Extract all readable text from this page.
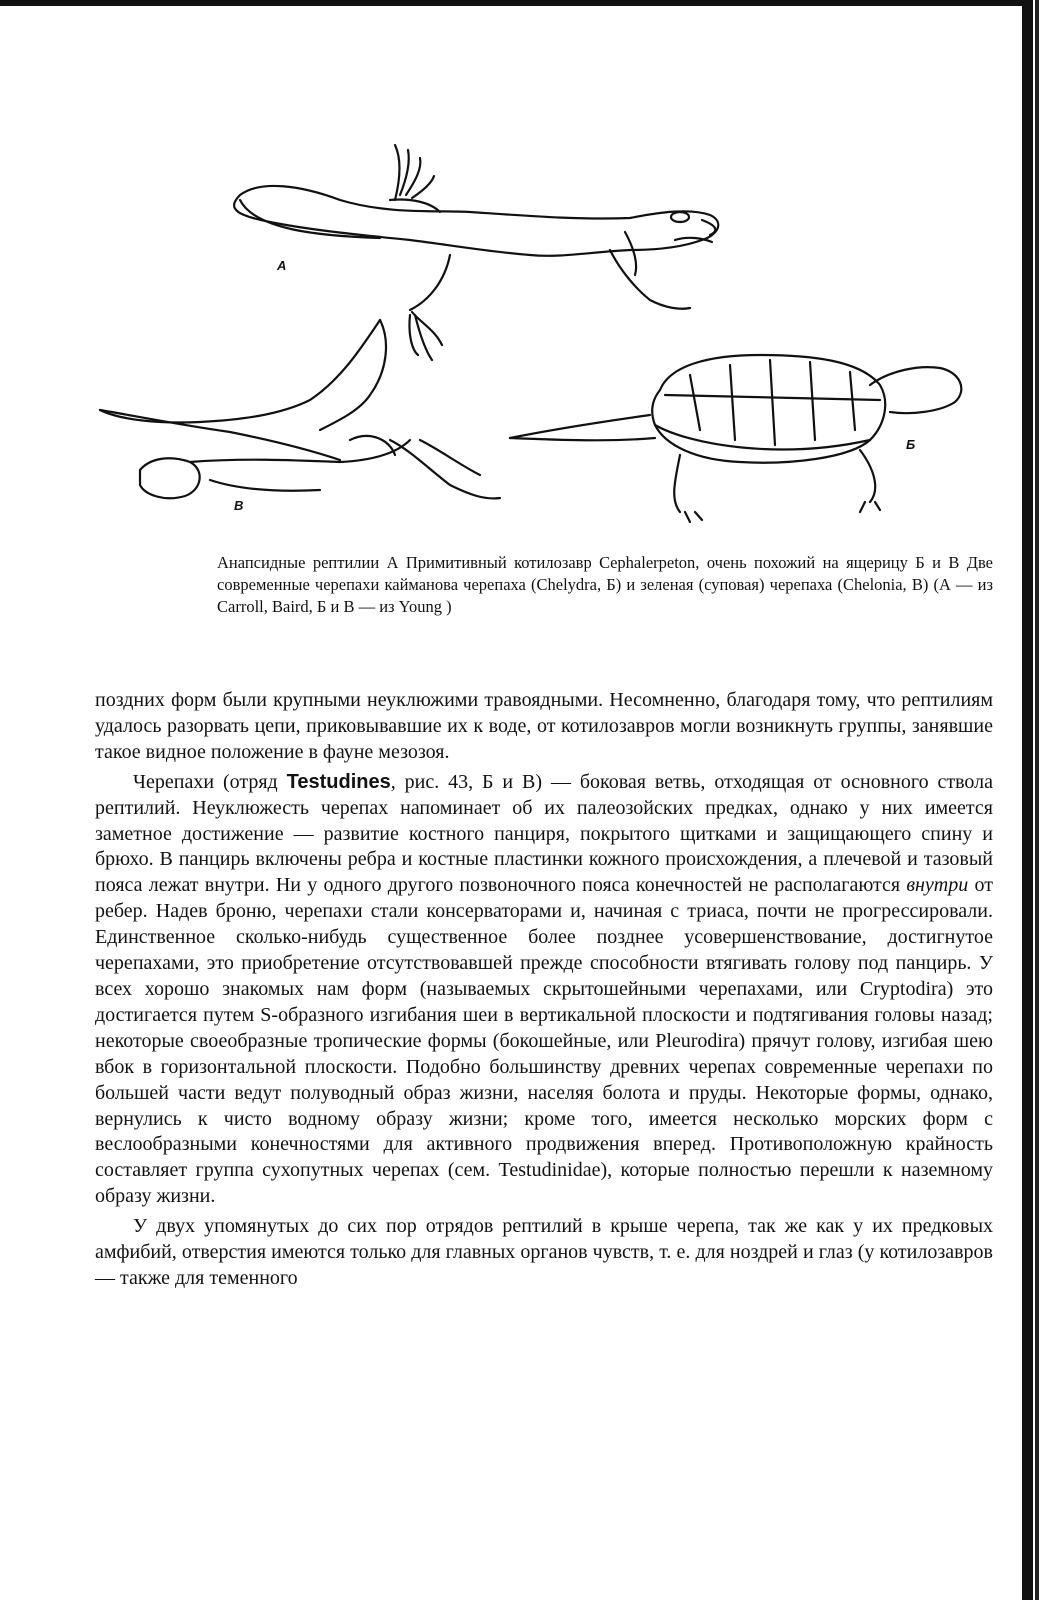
А
Б
В

Анапсидные рептилии А Примитивный котилозавр Cephalerpeton, очень похожий на ящерицу Б и В Две современные черепахи кайманова черепаха (Chelydra, Б) и зеленая (суповая) черепаха (Chelonia, В) (А — из Carroll, Baird, Б и В — из Young )

поздних форм были крупными неуклюжими травоядными. Несомненно, благодаря тому, что рептилиям удалось разорвать цепи, приковывавшие их к воде, от котилозавров могли возникнуть группы, занявшие такое видное положение в фауне мезозоя.

Черепахи (отряд Testudines, рис. 43, Б и В) — боковая ветвь, отходящая от основного ствола рептилий. Неуклюжесть черепах напоминает об их палеозойских предках, однако у них имеется заметное достижение — развитие костного панциря, покрытого щитками и защищающего спину и брюхо. В панцирь включены ребра и костные пластинки кожного происхождения, а плечевой и тазовый пояса лежат внутри. Ни у одного другого позвоночного пояса конечностей не располагаются внутри от ребер. Надев броню, черепахи стали консерваторами и, начиная с триаса, почти не прогрессировали. Единственное сколько-нибудь существенное более позднее усовершенствование, достигнутое черепахами, это приобретение отсутствовавшей прежде способности втягивать голову под панцирь. У всех хорошо знакомых нам форм (называемых скрытошейными черепахами, или Cryptodira) это достигается путем S-образного изгибания шеи в вертикальной плоскости и подтягивания головы назад; некоторые своеобразные тропические формы (бокошейные, или Pleurodira) прячут голову, изгибая шею вбок в горизонтальной плоскости. Подобно большинству древних черепах современные черепахи по большей части ведут полуводный образ жизни, населяя болота и пруды. Некоторые формы, однако, вернулись к чисто водному образу жизни; кроме того, имеется несколько морских форм с веслообразными конечностями для активного продвижения вперед. Противоположную крайность составляет группа сухопутных черепах (сем. Testudinidae), которые полностью перешли к наземному образу жизни.

У двух упомянутых до сих пор отрядов рептилий в крыше черепа, так же как у их предковых амфибий, отверстия имеются только для главных органов чувств, т. е. для ноздрей и глаз (у котилозавров — также для теменного
